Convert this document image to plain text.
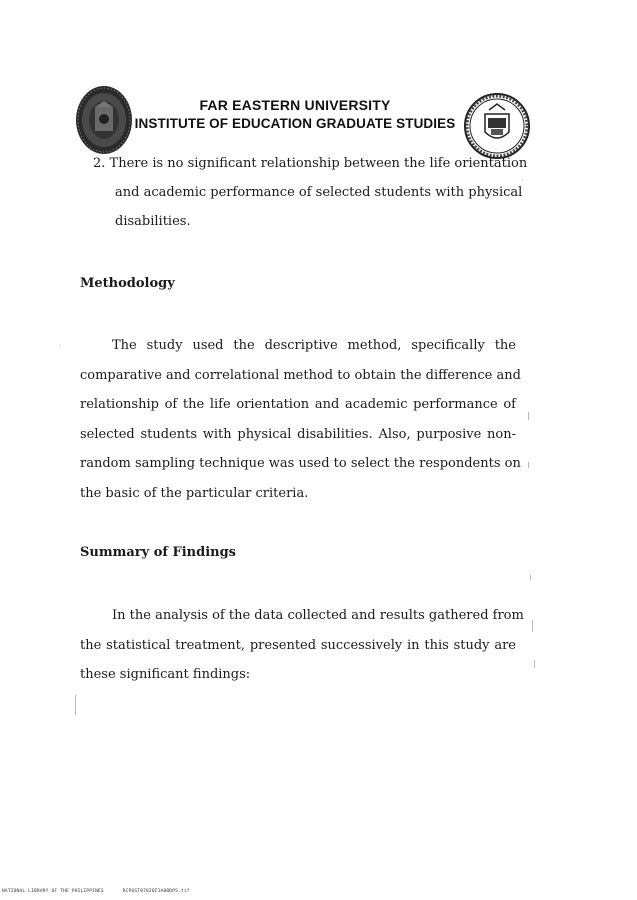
FAR EASTERN UNIVERSITY
INSTITUTE OF EDUCATION GRADUATE STUDIES
2. There is no significant relationship between the life orientation
and academic performance of selected students with physical
disabilities.
Methodology
The study used the descriptive method, specifically the
comparative and correlational method to obtain the difference and
relationship of the life orientation and academic performance of
selected students with physical disabilities. Also, purposive non-
random sampling technique was used to select the respondents on
the basic of the particular criteria.
Summary of Findings
In the analysis of the data collected and results gathered from
the statistical treatment, presented successively in this study are
these significant findings:
NATIONAL LIBRARY OF THE PHILIPPINES	RCPOST07826F1A0BDPS.tif
